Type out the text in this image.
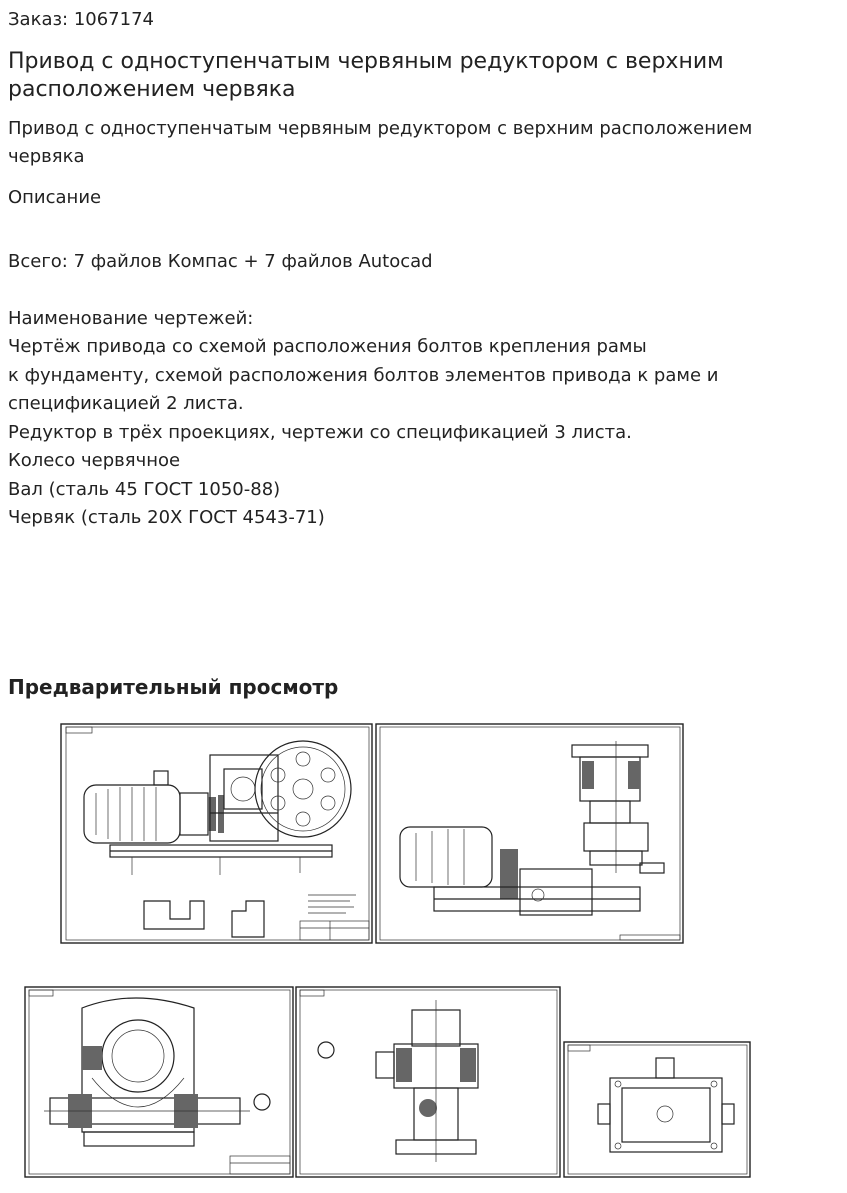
Заказ: 1067174
Привод с одноступенчатым червяным редуктором с верхним расположением червяка
Привод с одноступенчатым червяным редуктором с верхним расположением червяка
Описание
Всего: 7 файлов Компас + 7 файлов Autocad
Наименование чертежей:
Чертёж привода со схемой расположения болтов крепления рамы
к фундаменту, схемой расположения болтов элементов привода к раме и
спецификацией 2 листа.
Редуктор в трёх проекциях, чертежи со спецификацией 3 листа.
Колесо червячное
Вал (сталь 45 ГОСТ 1050-88)
Червяк (сталь 20Х ГОСТ 4543-71)
Предварительный просмотр
